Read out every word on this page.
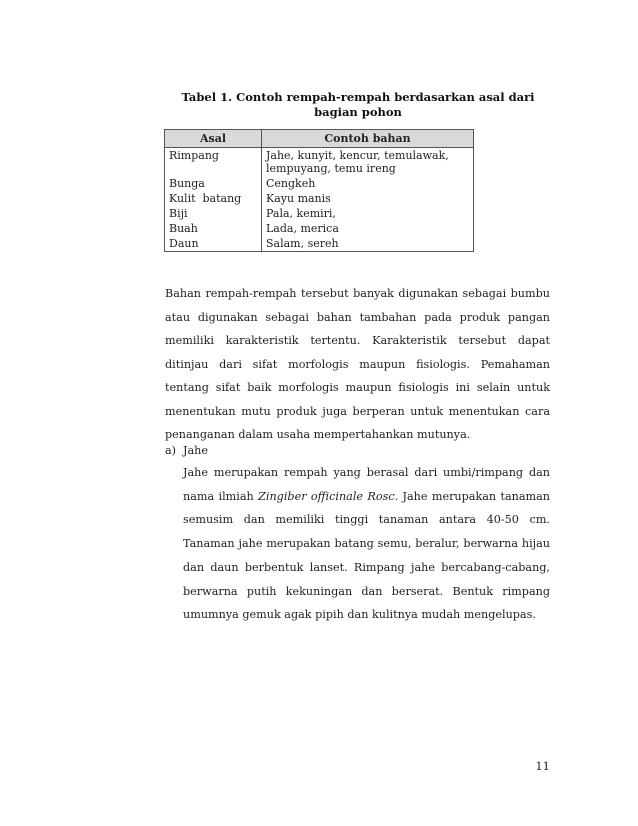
Tabel 1. Contoh rempah-rempah berdasarkan asal dari bagian pohon
Asal	Contoh bahan
Rimpang	Jahe, kunyit, kencur, temulawak, lempuyang, temu ireng
Bunga	Cengkeh
Kulit  batang	Kayu manis
Biji	Pala, kemiri,
Buah	Lada, merica
Daun	Salam, sereh

Bahan rempah-rempah tersebut banyak digunakan sebagai bumbu atau digunakan sebagai bahan tambahan pada produk pangan memiliki karakteristik tertentu. Karakteristik tersebut dapat ditinjau dari sifat morfologis maupun fisiologis. Pemahaman tentang sifat baik morfologis maupun fisiologis ini selain untuk menentukan mutu produk juga berperan untuk menentukan cara penanganan dalam usaha mempertahankan mutunya.

a) Jahe
Jahe merupakan rempah yang berasal dari umbi/rimpang dan nama ilmiah Zingiber officinale Rosc. Jahe merupakan tanaman semusim dan memiliki tinggi tanaman antara 40-50 cm. Tanaman jahe merupakan batang semu, beralur, berwarna hijau dan daun berbentuk lanset. Rimpang jahe bercabang-cabang, berwarna putih kekuningan dan berserat. Bentuk rimpang umumnya gemuk agak pipih dan kulitnya mudah mengelupas.
11
